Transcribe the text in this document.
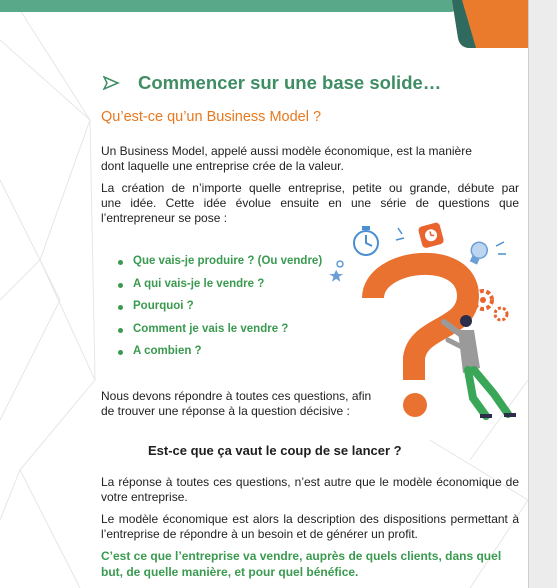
Commencer sur une base solide…
Qu’est-ce qu’un Business Model ?
Un Business Model, appelé aussi modèle économique, est la manière
dont laquelle une entreprise crée de la valeur.
La création de n’importe quelle entreprise, petite ou grande, débute par
une idée. Cette idée évolue ensuite en une série de questions que
l’entrepreneur se pose :
Que vais-je produire ? (Ou vendre)
A qui vais-je le vendre ?
Pourquoi ?
Comment je vais le vendre ?
A combien ?
Nous devons répondre à toutes ces questions, afin
de trouver une réponse à la question décisive :
Est-ce que ça vaut le coup de se lancer ?
La réponse à toutes ces questions, n’est autre que le modèle économique de
votre entreprise.
Le modèle économique est alors la description des dispositions permettant à
l’entreprise de répondre à un besoin et de générer un profit.
C’est ce que l’entreprise va vendre, auprès de quels clients, dans quel but, de quelle manière, et pour quel bénéfice.
